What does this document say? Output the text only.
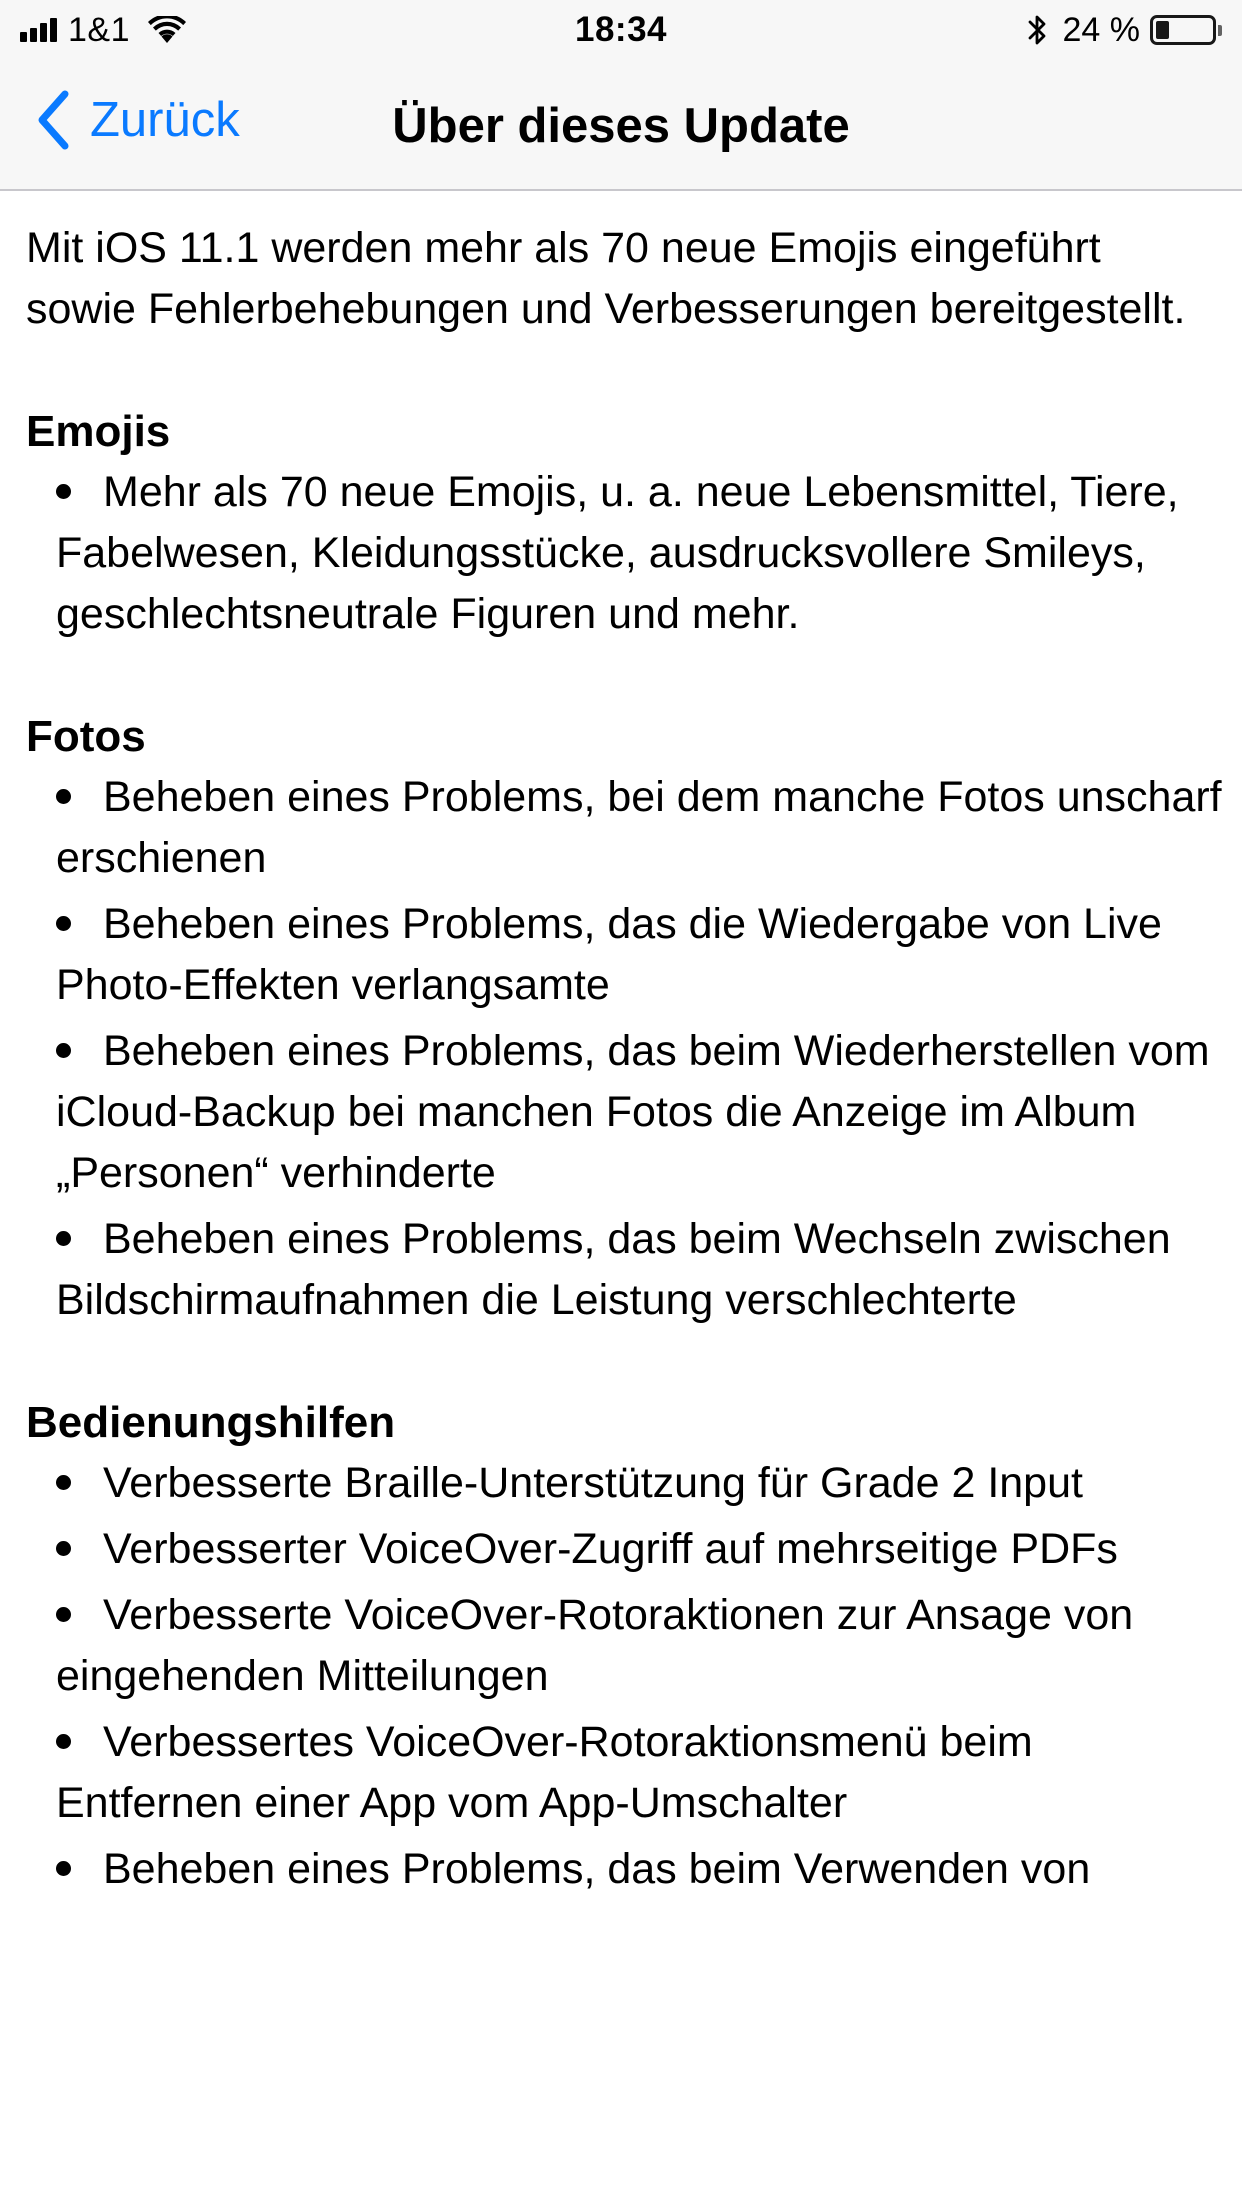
1&1	18:34	24 %
Zurück	Über dieses Update

Mit iOS 11.1 werden mehr als 70 neue Emojis eingeführt sowie Fehlerbehebungen und Verbesserungen bereitgestellt.

Emojis
Mehr als 70 neue Emojis, u. a. neue Lebensmittel, Tiere, Fabelwesen, Kleidungsstücke, ausdrucksvollere Smileys, geschlechtsneutrale Figuren und mehr.
Fotos
Beheben eines Problems, bei dem manche Fotos unscharf erschienen
Beheben eines Problems, das die Wiedergabe von Live Photo-Effekten verlangsamte
Beheben eines Problems, das beim Wiederherstellen vom iCloud-Backup bei manchen Fotos die Anzeige im Album „Personen“ verhinderte
Beheben eines Problems, das beim Wechseln zwischen Bildschirmaufnahmen die Leistung verschlechterte
Bedienungshilfen
Verbesserte Braille-Unterstützung für Grade 2 Input
Verbesserter VoiceOver-Zugriff auf mehrseitige PDFs
Verbesserte VoiceOver-Rotoraktionen zur Ansage von eingehenden Mitteilungen
Verbessertes VoiceOver-Rotoraktionsmenü beim Entfernen einer App vom App-Umschalter
Beheben eines Problems, das beim Verwenden von
